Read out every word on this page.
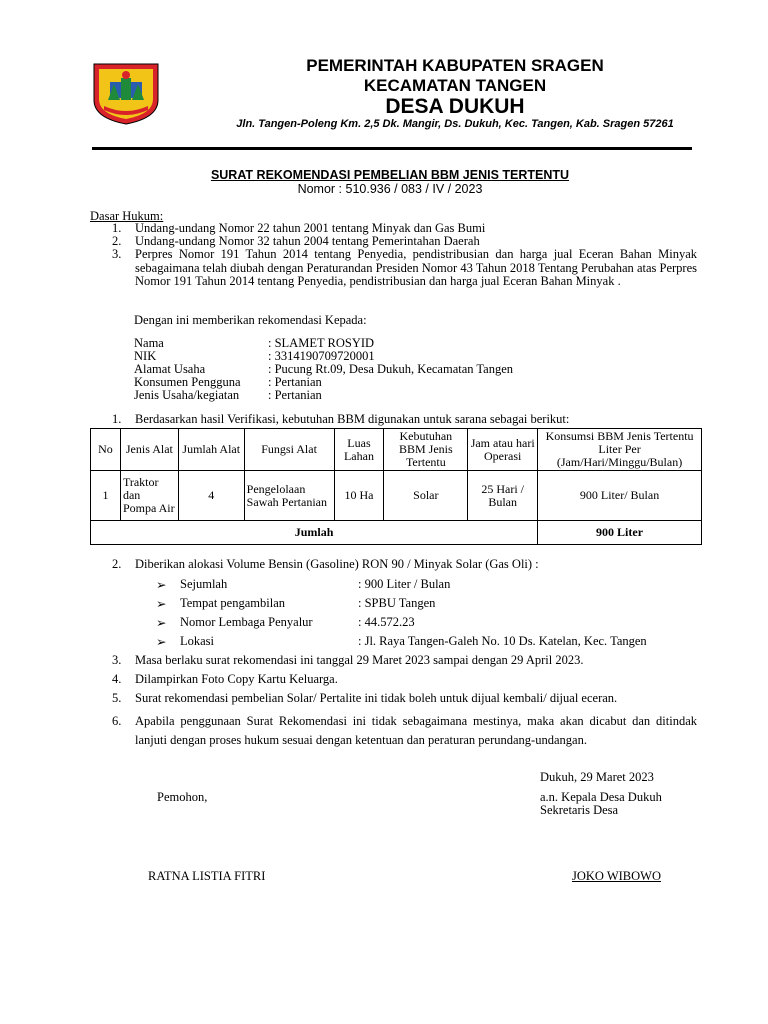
PEMERINTAH KABUPATEN SRAGEN
KECAMATAN TANGEN
DESA DUKUH
Jln. Tangen-Poleng Km. 2,5 Dk. Mangir, Ds. Dukuh, Kec. Tangen, Kab. Sragen 57261
SURAT REKOMENDASI PEMBELIAN BBM JENIS TERTENTU
Nomor : 510.936 / 083 / IV / 2023
Dasar Hukum:
1.	Undang-undang Nomor 22 tahun 2001 tentang Minyak dan Gas Bumi
2.	Undang-undang Nomor 32 tahun 2004 tentang Pemerintahan Daerah
3.	Perpres Nomor 191 Tahun 2014 tentang Penyedia, pendistribusian dan harga jual Eceran Bahan Minyak sebagaimana telah diubah dengan Peraturandan Presiden Nomor 43 Tahun 2018 Tentang Perubahan atas Perpres Nomor 191 Tahun 2014 tentang Penyedia, pendistribusian dan harga jual Eceran Bahan Minyak .
Dengan ini memberikan rekomendasi Kepada:
Nama	: SLAMET ROSYID
NIK	: 3314190709720001
Alamat Usaha	: Pucung Rt.09, Desa Dukuh, Kecamatan Tangen
Konsumen Pengguna : Pertanian
Jenis Usaha/kegiatan : Pertanian
1.	Berdasarkan hasil Verifikasi, kebutuhan BBM digunakan untuk sarana sebagai berikut:
No	Jenis Alat	Jumlah Alat	Fungsi Alat	Luas Lahan	Kebutuhan BBM Jenis Tertentu	Jam atau hari Operasi	Konsumsi BBM Jenis Tertentu Liter Per (Jam/Hari/Minggu/Bulan)
1	Traktor dan Pompa Air	4	Pengelolaan Sawah Pertanian	10 Ha	Solar	25 Hari / Bulan	900 Liter/ Bulan
Jumlah							900 Liter
2.	Diberikan alokasi Volume Bensin (Gasoline) RON 90 / Minyak Solar (Gas Oli) :
➢ Sejumlah	: 900 Liter / Bulan
➢ Tempat pengambilan	: SPBU Tangen
➢ Nomor Lembaga Penyalur	: 44.572.23
➢ Lokasi	: Jl. Raya Tangen-Galeh No. 10 Ds. Katelan, Kec. Tangen
3.	Masa berlaku surat rekomendasi ini tanggal 29 Maret 2023 sampai dengan 29 April 2023.
4.	Dilampirkan Foto Copy Kartu Keluarga.
5.	Surat rekomendasi pembelian Solar/ Pertalite ini tidak boleh untuk dijual kembali/ dijual eceran.
6.	Apabila penggunaan Surat Rekomendasi ini tidak sebagaimana mestinya, maka akan dicabut dan ditindak lanjuti dengan proses hukum sesuai dengan ketentuan dan peraturan perundang-undangan.
Dukuh, 29 Maret 2023
Pemohon,	a.n. Kepala Desa Dukuh
Sekretaris Desa
RATNA LISTIA FITRI	JOKO WIBOWO
